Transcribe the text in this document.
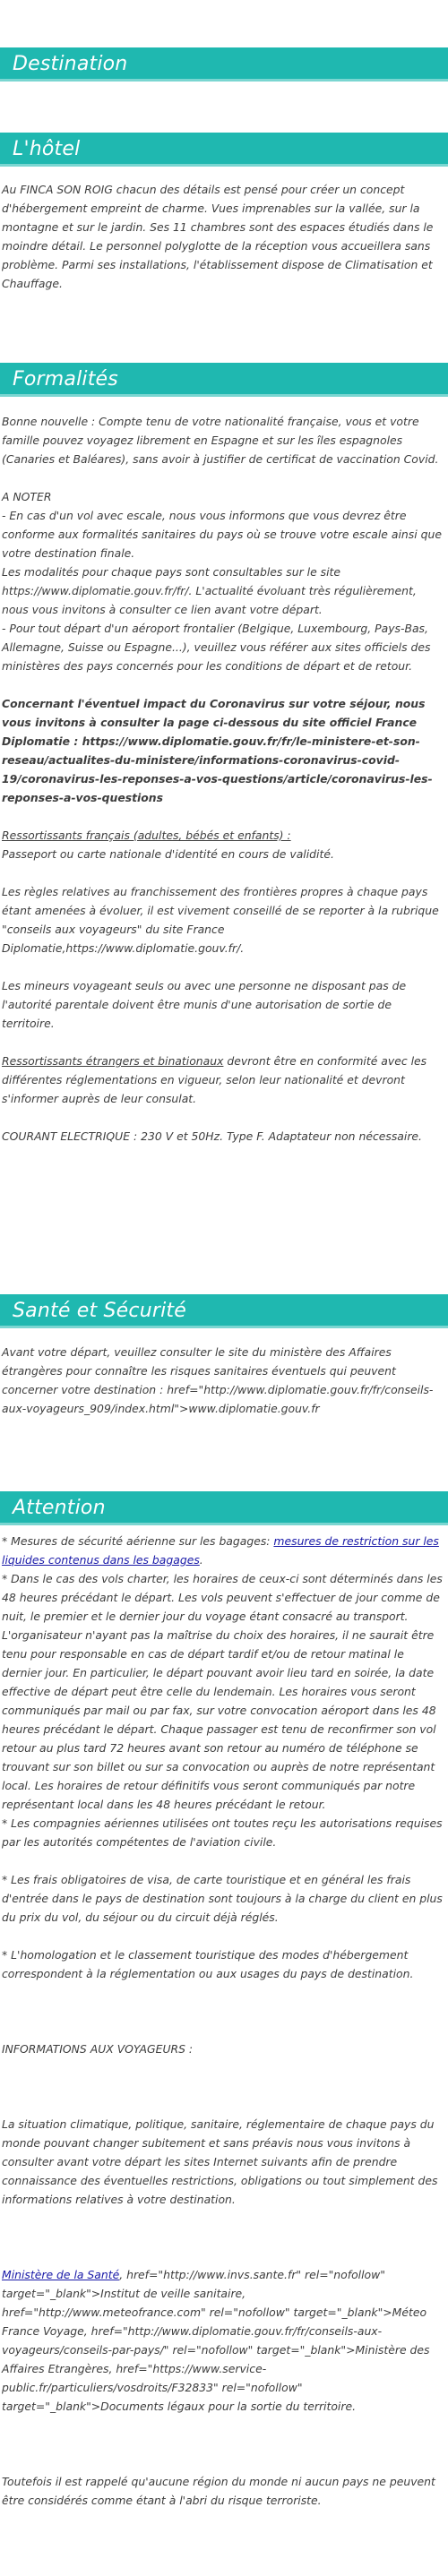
Destination
L'hôtel
Au FINCA SON ROIG chacun des détails est pensé pour créer un concept d'hébergement empreint de charme. Vues imprenables sur la vallée, sur la montagne et sur le jardin. Ses 11 chambres sont des espaces étudiés dans le moindre détail. Le personnel polyglotte de la réception vous accueillera sans problème. Parmi ses installations, l'établissement dispose de Climatisation et Chauffage.
Formalités
Bonne nouvelle : Compte tenu de votre nationalité française, vous et votre famille pouvez voyagez librement en Espagne et sur les îles espagnoles (Canaries et Baléares), sans avoir à justifier de certificat de vaccination Covid.
A NOTER
- En cas d'un vol avec escale, nous vous informons que vous devrez être conforme aux formalités sanitaires du pays où se trouve votre escale ainsi que votre destination finale.
Les modalités pour chaque pays sont consultables sur le site https://www.diplomatie.gouv.fr/fr/. L'actualité évoluant très régulièrement, nous vous invitons à consulter ce lien avant votre départ.
- Pour tout départ d'un aéroport frontalier (Belgique, Luxembourg, Pays-Bas, Allemagne, Suisse ou Espagne...), veuillez vous référer aux sites officiels des ministères des pays concernés pour les conditions de départ et de retour.
Concernant l'éventuel impact du Coronavirus sur votre séjour, nous vous invitons à consulter la page ci-dessous du site officiel France Diplomatie : https://www.diplomatie.gouv.fr/fr/le-ministere-et-son-reseau/actualites-du-ministere/informations-coronavirus-covid-19/coronavirus-les-reponses-a-vos-questions/article/coronavirus-les-reponses-a-vos-questions
Ressortissants français (adultes, bébés et enfants) :
Passeport ou carte nationale d'identité en cours de validité.
Les règles relatives au franchissement des frontières propres à chaque pays étant amenées à évoluer, il est vivement conseillé de se reporter à la rubrique "conseils aux voyageurs" du site France Diplomatie,https://www.diplomatie.gouv.fr/.
Les mineurs voyageant seuls ou avec une personne ne disposant pas de l'autorité parentale doivent être munis d'une autorisation de sortie de territoire.
Ressortissants étrangers et binationaux devront être en conformité avec les différentes réglementations en vigueur, selon leur nationalité et devront s'informer auprès de leur consulat.
COURANT ELECTRIQUE : 230 V et 50Hz. Type F. Adaptateur non nécessaire.
Santé et Sécurité
Avant votre départ, veuillez consulter le site du ministère des Affaires étrangères pour connaître les risques sanitaires éventuels qui peuvent concerner votre destination : href="http://www.diplomatie.gouv.fr/fr/conseils-aux-voyageurs_909/index.html">www.diplomatie.gouv.fr
Attention
* Mesures de sécurité aérienne sur les bagages: mesures de restriction sur les liquides contenus dans les bagages.
* Dans le cas des vols charter, les horaires de ceux-ci sont déterminés dans les 48 heures précédant le départ. Les vols peuvent s'effectuer de jour comme de nuit, le premier et le dernier jour du voyage étant consacré au transport. L'organisateur n'ayant pas la maîtrise du choix des horaires, il ne saurait être tenu pour responsable en cas de départ tardif et/ou de retour matinal le dernier jour. En particulier, le départ pouvant avoir lieu tard en soirée, la date effective de départ peut être celle du lendemain. Les horaires vous seront communiqués par mail ou par fax, sur votre convocation aéroport dans les 48 heures précédant le départ. Chaque passager est tenu de reconfirmer son vol retour au plus tard 72 heures avant son retour au numéro de téléphone se trouvant sur son billet ou sur sa convocation ou auprès de notre représentant local. Les horaires de retour définitifs vous seront communiqués par notre représentant local dans les 48 heures précédant le retour.
* Les compagnies aériennes utilisées ont toutes reçu les autorisations requises par les autorités compétentes de l'aviation civile.
* Les frais obligatoires de visa, de carte touristique et en général les frais d'entrée dans le pays de destination sont toujours à la charge du client en plus du prix du vol, du séjour ou du circuit déjà réglés.
* L'homologation et le classement touristique des modes d'hébergement correspondent à la réglementation ou aux usages du pays de destination.
INFORMATIONS AUX VOYAGEURS :
La situation climatique, politique, sanitaire, réglementaire de chaque pays du monde pouvant changer subitement et sans préavis nous vous invitons à consulter avant votre départ les sites Internet suivants afin de prendre connaissance des éventuelles restrictions, obligations ou tout simplement des informations relatives à votre destination.
Ministère de la Santé, href="http://www.invs.sante.fr" rel="nofollow" target="_blank">Institut de veille sanitaire, href="http://www.meteofrance.com" rel="nofollow" target="_blank">Méteo France Voyage, href="http://www.diplomatie.gouv.fr/fr/conseils-aux-voyageurs/conseils-par-pays/" rel="nofollow" target="_blank">Ministère des Affaires Etrangères, href="https://www.service-public.fr/particuliers/vosdroits/F32833" rel="nofollow" target="_blank">Documents légaux pour la sortie du territoire.
Toutefois il est rappelé qu'aucune région du monde ni aucun pays ne peuvent être considérés comme étant à l'abri du risque terroriste.
